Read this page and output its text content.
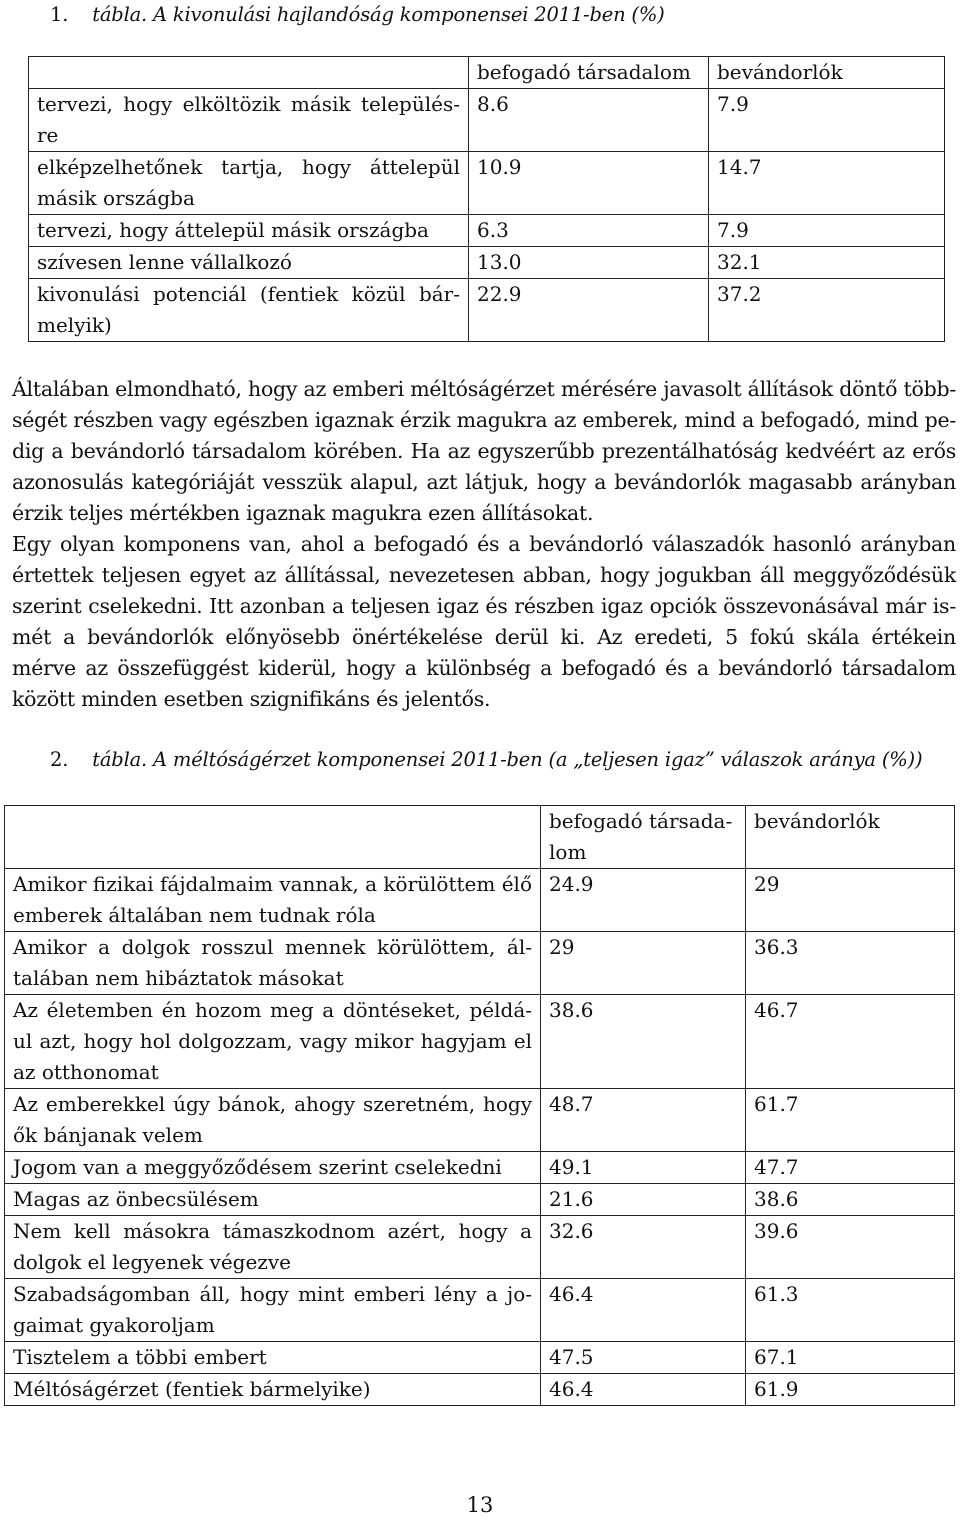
1. tábla. A kivonulási hajlandóság komponensei 2011-ben (%)

	befogadó társadalom	bevándorlók
tervezi, hogy elköltözik másik település-re	8.6	7.9
elképzelhetőnek tartja, hogy áttelepül másik országba	10.9	14.7
tervezi, hogy áttelepül másik országba	6.3	7.9
szívesen lenne vállalkozó	13.0	32.1
kivonulási potenciál (fentiek közül bár-melyik)	22.9	37.2

Általában elmondható, hogy az emberi méltóságérzet mérésére javasolt állítások döntő több-ségét részben vagy egészben igaznak érzik magukra az emberek, mind a befogadó, mind pe-dig a bevándorló társadalom körében. Ha az egyszerűbb prezentálhatóság kedvéért az erős azonosulás kategóriáját vesszük alapul, azt látjuk, hogy a bevándorlók magasabb arányban érzik teljes mértékben igaznak magukra ezen állításokat.

Egy olyan komponens van, ahol a befogadó és a bevándorló válaszadók hasonló arányban értettek teljesen egyet az állítással, nevezetesen abban, hogy jogukban áll meggyőződésük szerint cselekedni. Itt azonban a teljesen igaz és részben igaz opciók összevonásával már is-mét a bevándorlók előnyösebb önértékelése derül ki. Az eredeti, 5 fokú skála értékein mérve az összefüggést kiderül, hogy a különbség a befogadó és a bevándorló társadalom között minden esetben szignifikáns és jelentős.

2. tábla. A méltóságérzet komponensei 2011-ben (a „teljesen igaz” válaszok aránya (%))

	befogadó társada-lom	bevándorlók
Amikor fizikai fájdalmaim vannak, a körülöttem élő emberek általában nem tudnak róla	24.9	29
Amikor a dolgok rosszul mennek körülöttem, ál-talában nem hibáztatok másokat	29	36.3
Az életemben én hozom meg a döntéseket, példá-ul azt, hogy hol dolgozzam, vagy mikor hagyjam el az otthonomat	38.6	46.7
Az emberekkel úgy bánok, ahogy szeretném, hogy ők bánjanak velem	48.7	61.7
Jogom van a meggyőződésem szerint cselekedni	49.1	47.7
Magas az önbecsülésem	21.6	38.6
Nem kell másokra támaszkodnom azért, hogy a dolgok el legyenek végezve	32.6	39.6
Szabadságomban áll, hogy mint emberi lény a jo-gaimat gyakoroljam	46.4	61.3
Tisztelem a többi embert	47.5	67.1
Méltóságérzet (fentiek bármelyike)	46.4	61.9
13
